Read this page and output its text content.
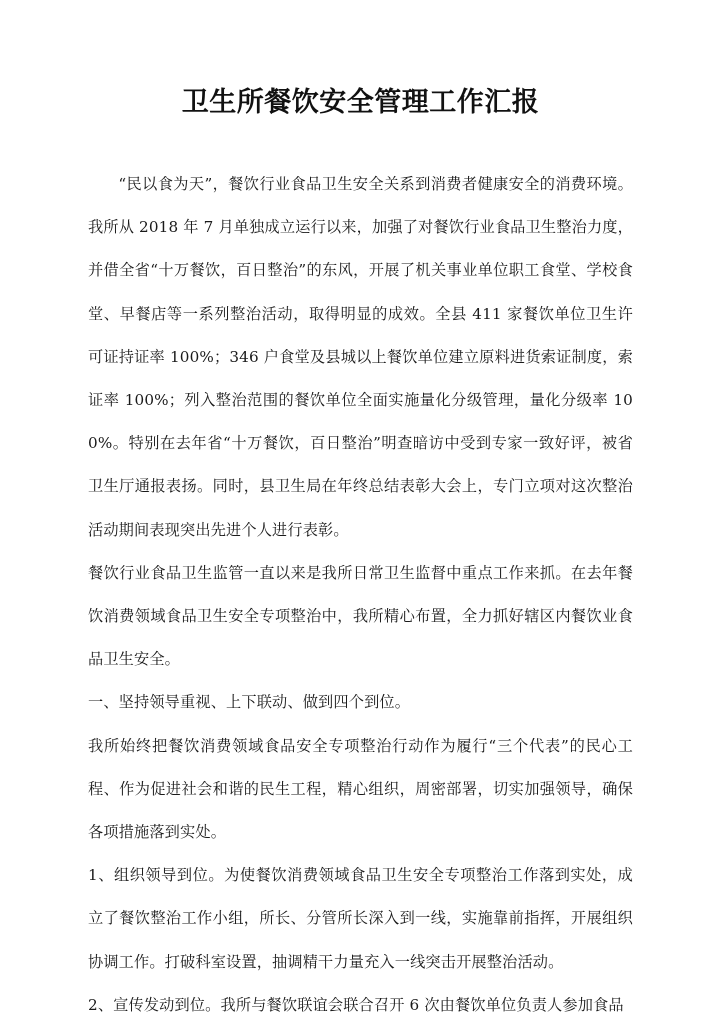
卫生所餐饮安全管理工作汇报

“民以食为天”，餐饮行业食品卫生安全关系到消费者健康安全的消费环境。我所从 2018 年 7 月单独成立运行以来，加强了对餐饮行业食品卫生整治力度，并借全省“十万餐饮，百日整治”的东风，开展了机关事业单位职工食堂、学校食堂、早餐店等一系列整治活动，取得明显的成效。全县 411 家餐饮单位卫生许可证持证率 100%；346 户食堂及县城以上餐饮单位建立原料进货索证制度，索证率 100%；列入整治范围的餐饮单位全面实施量化分级管理，量化分级率 100%。特别在去年省“十万餐饮，百日整治”明查暗访中受到专家一致好评，被省卫生厅通报表扬。同时，县卫生局在年终总结表彰大会上，专门立项对这次整治活动期间表现突出先进个人进行表彰。

餐饮行业食品卫生监管一直以来是我所日常卫生监督中重点工作来抓。在去年餐饮消费领域食品卫生安全专项整治中，我所精心布置，全力抓好辖区内餐饮业食品卫生安全。

一、坚持领导重视、上下联动、做到四个到位。

我所始终把餐饮消费领域食品安全专项整治行动作为履行“三个代表”的民心工程、作为促进社会和谐的民生工程，精心组织，周密部署，切实加强领导，确保各项措施落到实处。

1、组织领导到位。为使餐饮消费领域食品卫生安全专项整治工作落到实处，成立了餐饮整治工作小组，所长、分管所长深入到一线，实施靠前指挥，开展组织协调工作。打破科室设置，抽调精干力量充入一线突击开展整治活动。

2、宣传发动到位。我所与餐饮联谊会联合召开 6 次由餐饮单位负责人参加食品
